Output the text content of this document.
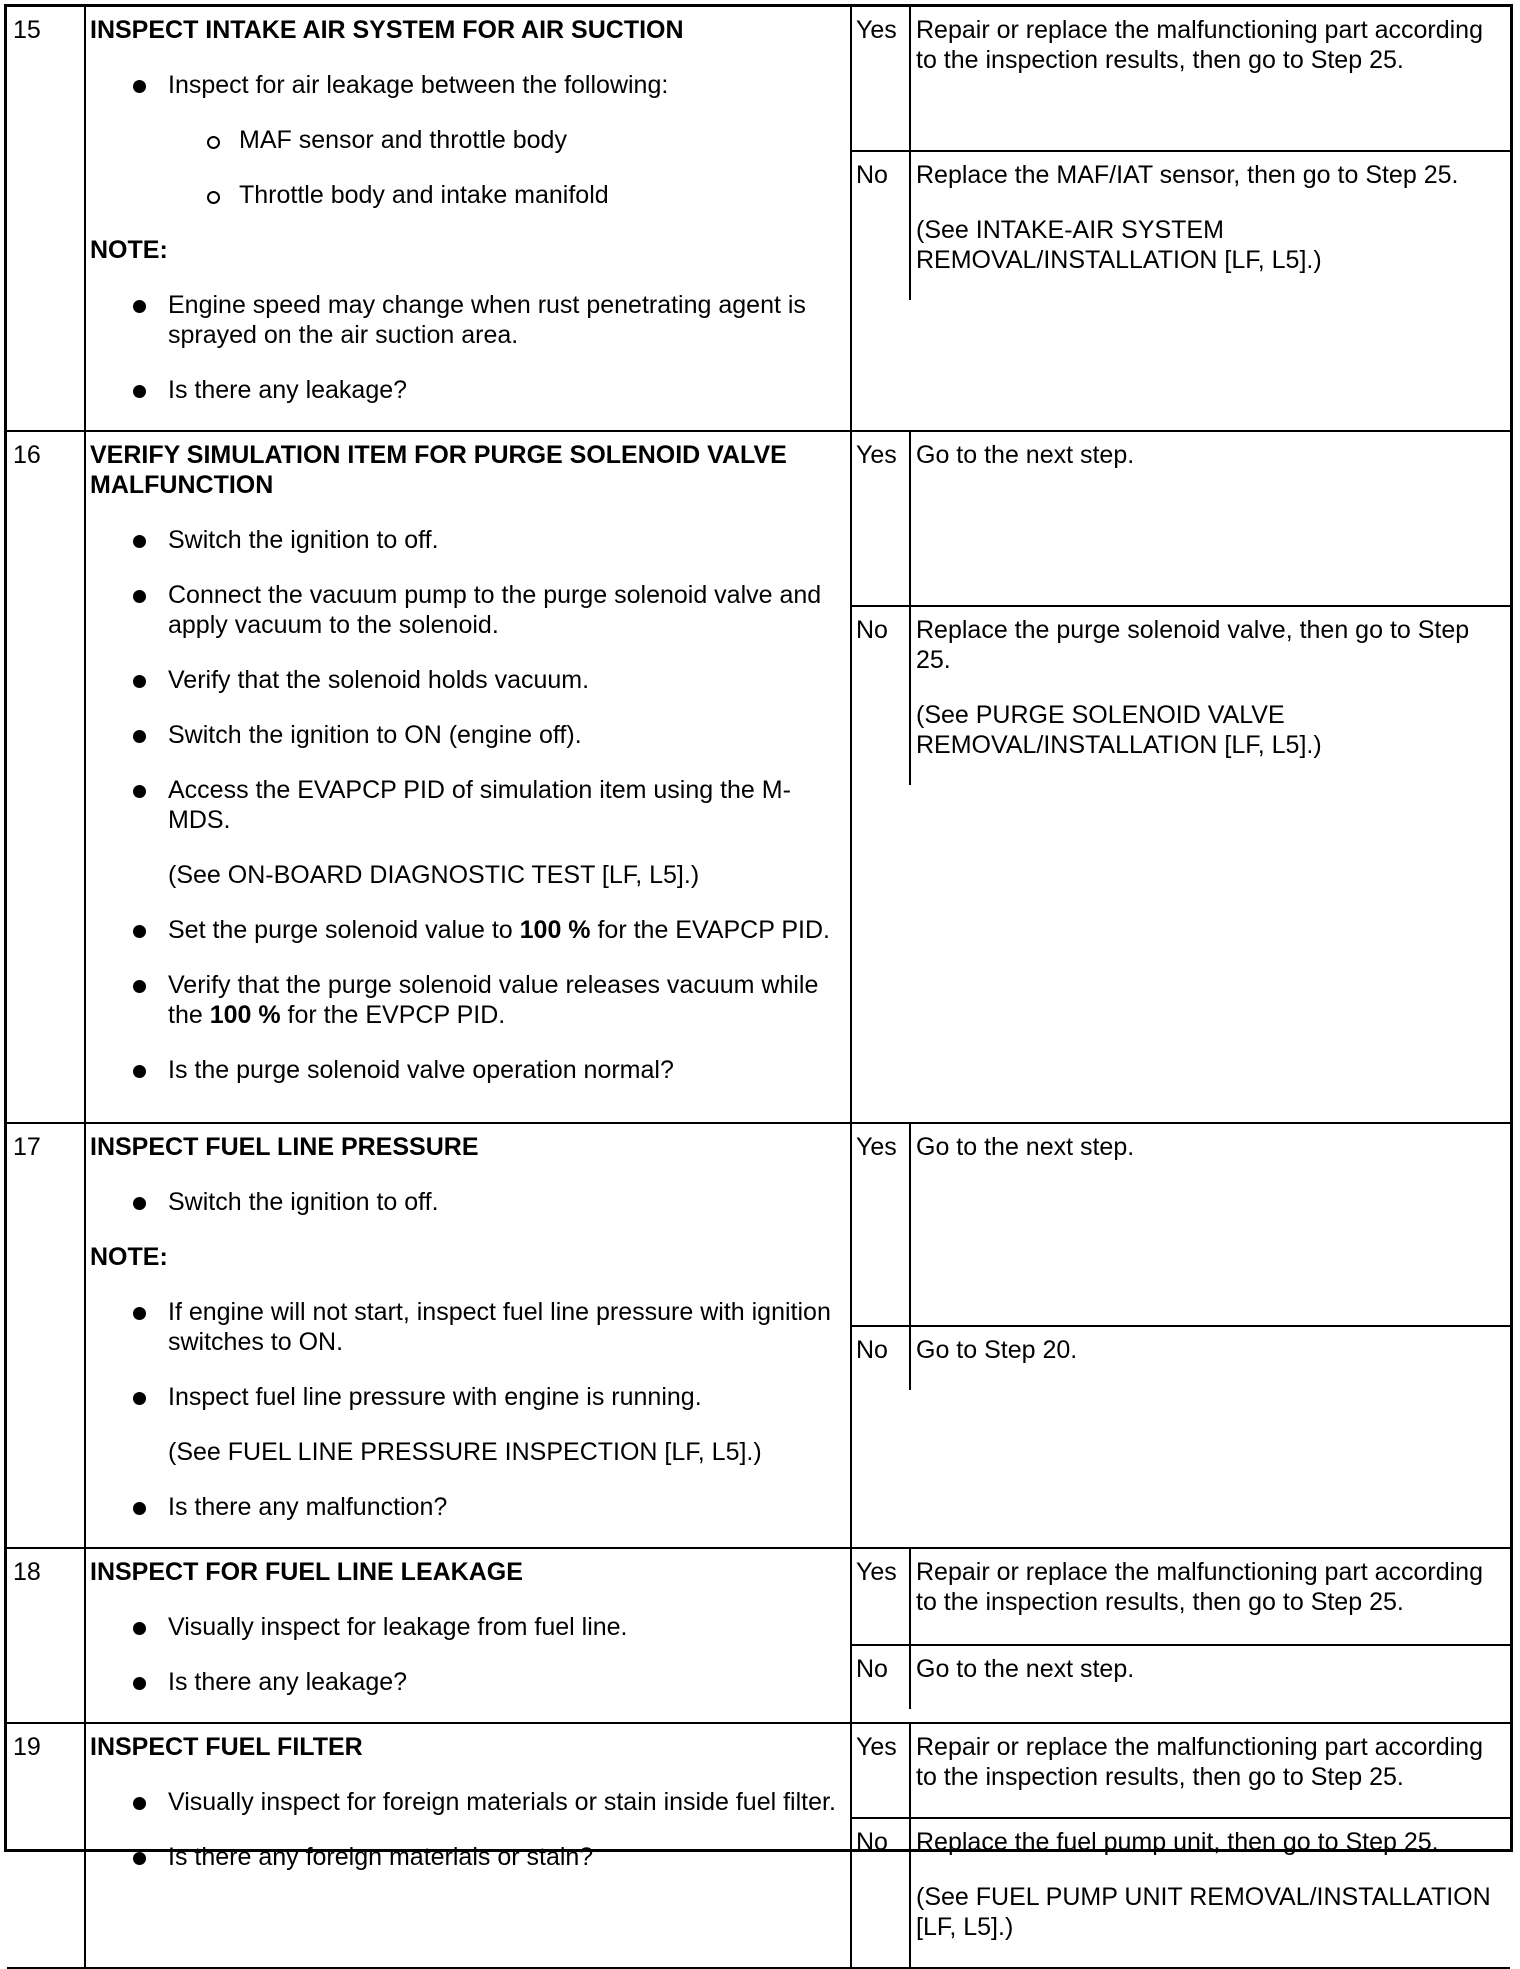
15	INSPECT INTAKE AIR SYSTEM FOR AIR SUCTION
Inspect for air leakage between the following:
MAF sensor and throttle body
Throttle body and intake manifold
NOTE:
Engine speed may change when rust penetrating agent is sprayed on the air suction area.
Is there any leakage?

Yes	Repair or replace the malfunctioning part according to the inspection results, then go to Step 25.

No	Replace the MAF/IAT sensor, then go to Step 25.

(See INTAKE-AIR SYSTEM REMOVAL/INSTALLATION [LF, L5].)

16	VERIFY SIMULATION ITEM FOR PURGE SOLENOID VALVE MALFUNCTION
Switch the ignition to off.
Connect the vacuum pump to the purge solenoid valve and apply vacuum to the solenoid.
Verify that the solenoid holds vacuum.
Switch the ignition to ON (engine off).
Access the EVAPCP PID of simulation item using the M-MDS.
(See ON-BOARD DIAGNOSTIC TEST [LF, L5].)
Set the purge solenoid value to 100 % for the EVAPCP PID.
Verify that the purge solenoid value releases vacuum while the 100 % for the EVPCP PID.
Is the purge solenoid valve operation normal?

Yes	Go to the next step.

No	Replace the purge solenoid valve, then go to Step 25.

(See PURGE SOLENOID VALVE REMOVAL/INSTALLATION [LF, L5].)

17	INSPECT FUEL LINE PRESSURE
Switch the ignition to off.
NOTE:
If engine will not start, inspect fuel line pressure with ignition switches to ON.
Inspect fuel line pressure with engine is running.
(See FUEL LINE PRESSURE INSPECTION [LF, L5].)
Is there any malfunction?

Yes	Go to the next step.

No	Go to Step 20.

18	INSPECT FOR FUEL LINE LEAKAGE
Visually inspect for leakage from fuel line.
Is there any leakage?

Yes	Repair or replace the malfunctioning part according to the inspection results, then go to Step 25.

No	Go to the next step.

19	INSPECT FUEL FILTER
Visually inspect for foreign materials or stain inside fuel filter.
Is there any foreign materials or stain?

Yes	Repair or replace the malfunctioning part according to the inspection results, then go to Step 25.

No	Replace the fuel pump unit, then go to Step 25.

(See FUEL PUMP UNIT REMOVAL/INSTALLATION [LF, L5].)
